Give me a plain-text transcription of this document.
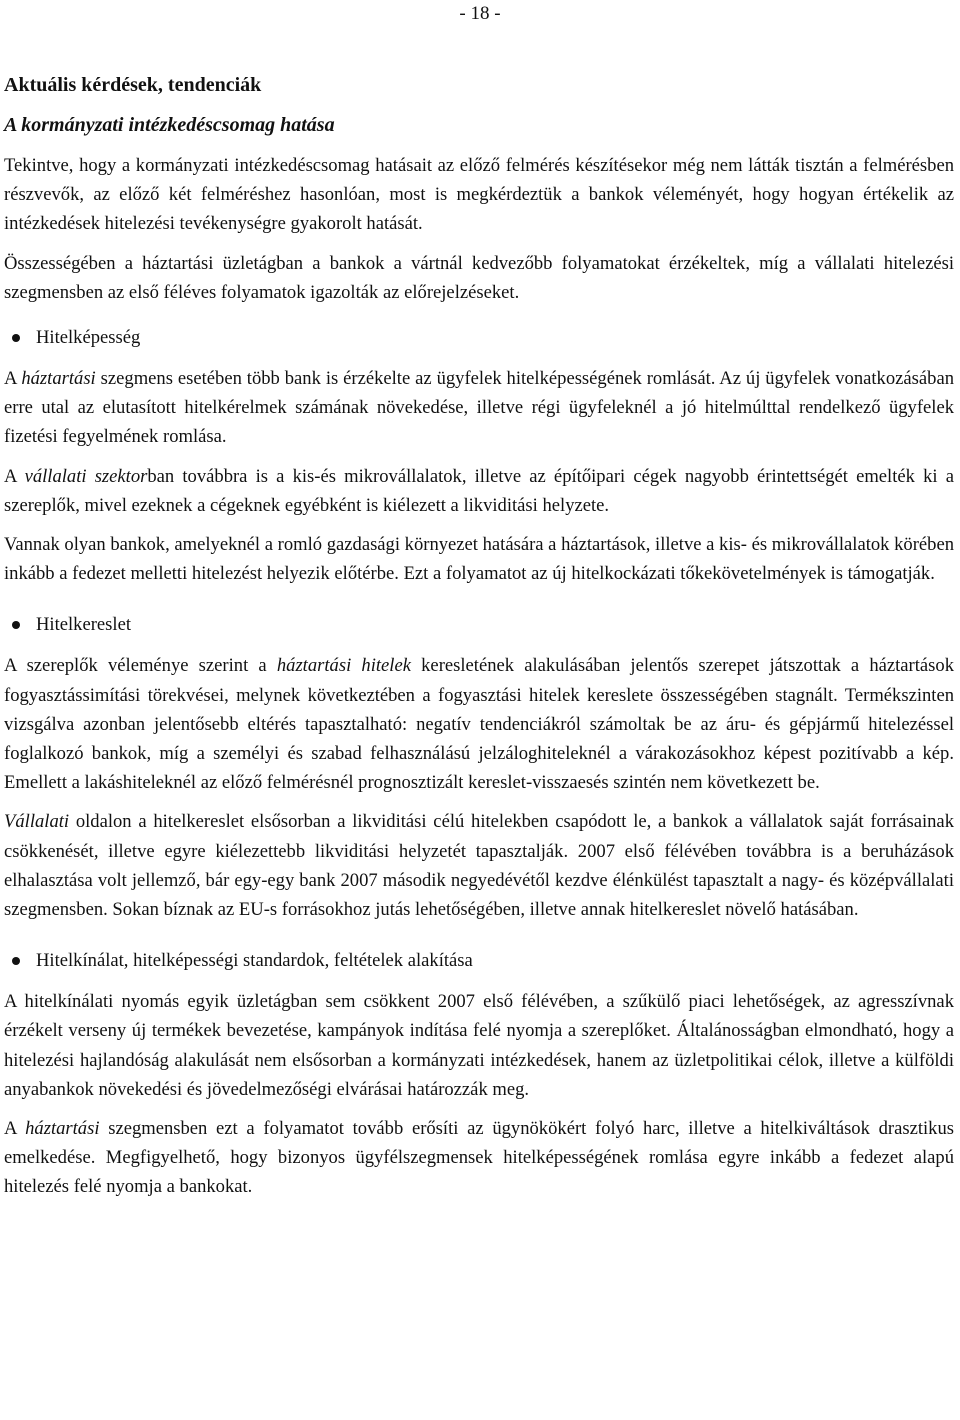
- 18 -
Aktuális kérdések, tendenciák
A kormányzati intézkedéscsomag hatása

Tekintve, hogy a kormányzati intézkedéscsomag hatásait az előző felmérés készítésekor még nem látták tisztán a felmérésben részvevők, az előző két felméréshez hasonlóan, most is megkérdeztük a bankok véleményét, hogy hogyan értékelik az intézkedések hitelezési tevékenységre gyakorolt hatását.

Összességében a háztartási üzletágban a bankok a vártnál kedvezőbb folyamatokat érzékeltek, míg a vállalati hitelezési szegmensben az első féléves folyamatok igazolták az előrejelzéseket.

Hitelképesség

A háztartási szegmens esetében több bank is érzékelte az ügyfelek hitelképességének romlását. Az új ügyfelek vonatkozásában erre utal az elutasított hitelkérelmek számának növekedése, illetve régi ügyfeleknél a jó hitelmúlttal rendelkező ügyfelek fizetési fegyelmének romlása.

A vállalati szektorban továbbra is a kis-és mikrovállalatok, illetve az építőipari cégek nagyobb érintettségét emelték ki a szereplők, mivel ezeknek a cégeknek egyébként is kiélezett a likviditási helyzete.

Vannak olyan bankok, amelyeknél a romló gazdasági környezet hatására a háztartások, illetve a kis- és mikrovállalatok körében inkább a fedezet melletti hitelezést helyezik előtérbe. Ezt a folyamatot az új hitelkockázati tőkekövetelmények is támogatják.

Hitelkereslet

A szereplők véleménye szerint a háztartási hitelek keresletének alakulásában jelentős szerepet játszottak a háztartások fogyasztássimítási törekvései, melynek következtében a fogyasztási hitelek kereslete összességében stagnált. Termékszinten vizsgálva azonban jelentősebb eltérés tapasztalható: negatív tendenciákról számoltak be az áru- és gépjármű hitelezéssel foglalkozó bankok, míg a személyi és szabad felhasználású jelzáloghiteleknél a várakozásokhoz képest pozitívabb a kép. Emellett a lakáshiteleknél az előző felmérésnél prognosztizált kereslet-visszaesés szintén nem következett be.

Vállalati oldalon a hitelkereslet elsősorban a likviditási célú hitelekben csapódott le, a bankok a vállalatok saját forrásainak csökkenését, illetve egyre kiélezettebb likviditási helyzetét tapasztalják. 2007 első félévében továbbra is a beruházások elhalasztása volt jellemző, bár egy-egy bank 2007 második negyedévétől kezdve élénkülést tapasztalt a nagy- és középvállalati szegmensben. Sokan bíznak az EU-s forrásokhoz jutás lehetőségében, illetve annak hitelkereslet növelő hatásában.

Hitelkínálat, hitelképességi standardok, feltételek alakítása

A hitelkínálati nyomás egyik üzletágban sem csökkent 2007 első félévében, a szűkülő piaci lehetőségek, az agresszívnak érzékelt verseny új termékek bevezetése, kampányok indítása felé nyomja a szereplőket. Általánosságban elmondható, hogy a hitelezési hajlandóság alakulását nem elsősorban a kormányzati intézkedések, hanem az üzletpolitikai célok, illetve a külföldi anyabankok növekedési és jövedelmezőségi elvárásai határozzák meg.

A háztartási szegmensben ezt a folyamatot tovább erősíti az ügynökökért folyó harc, illetve a hitelkiváltások drasztikus emelkedése. Megfigyelhető, hogy bizonyos ügyfélszegmensek hitelképességének romlása egyre inkább a fedezet alapú hitelezés felé nyomja a bankokat.
